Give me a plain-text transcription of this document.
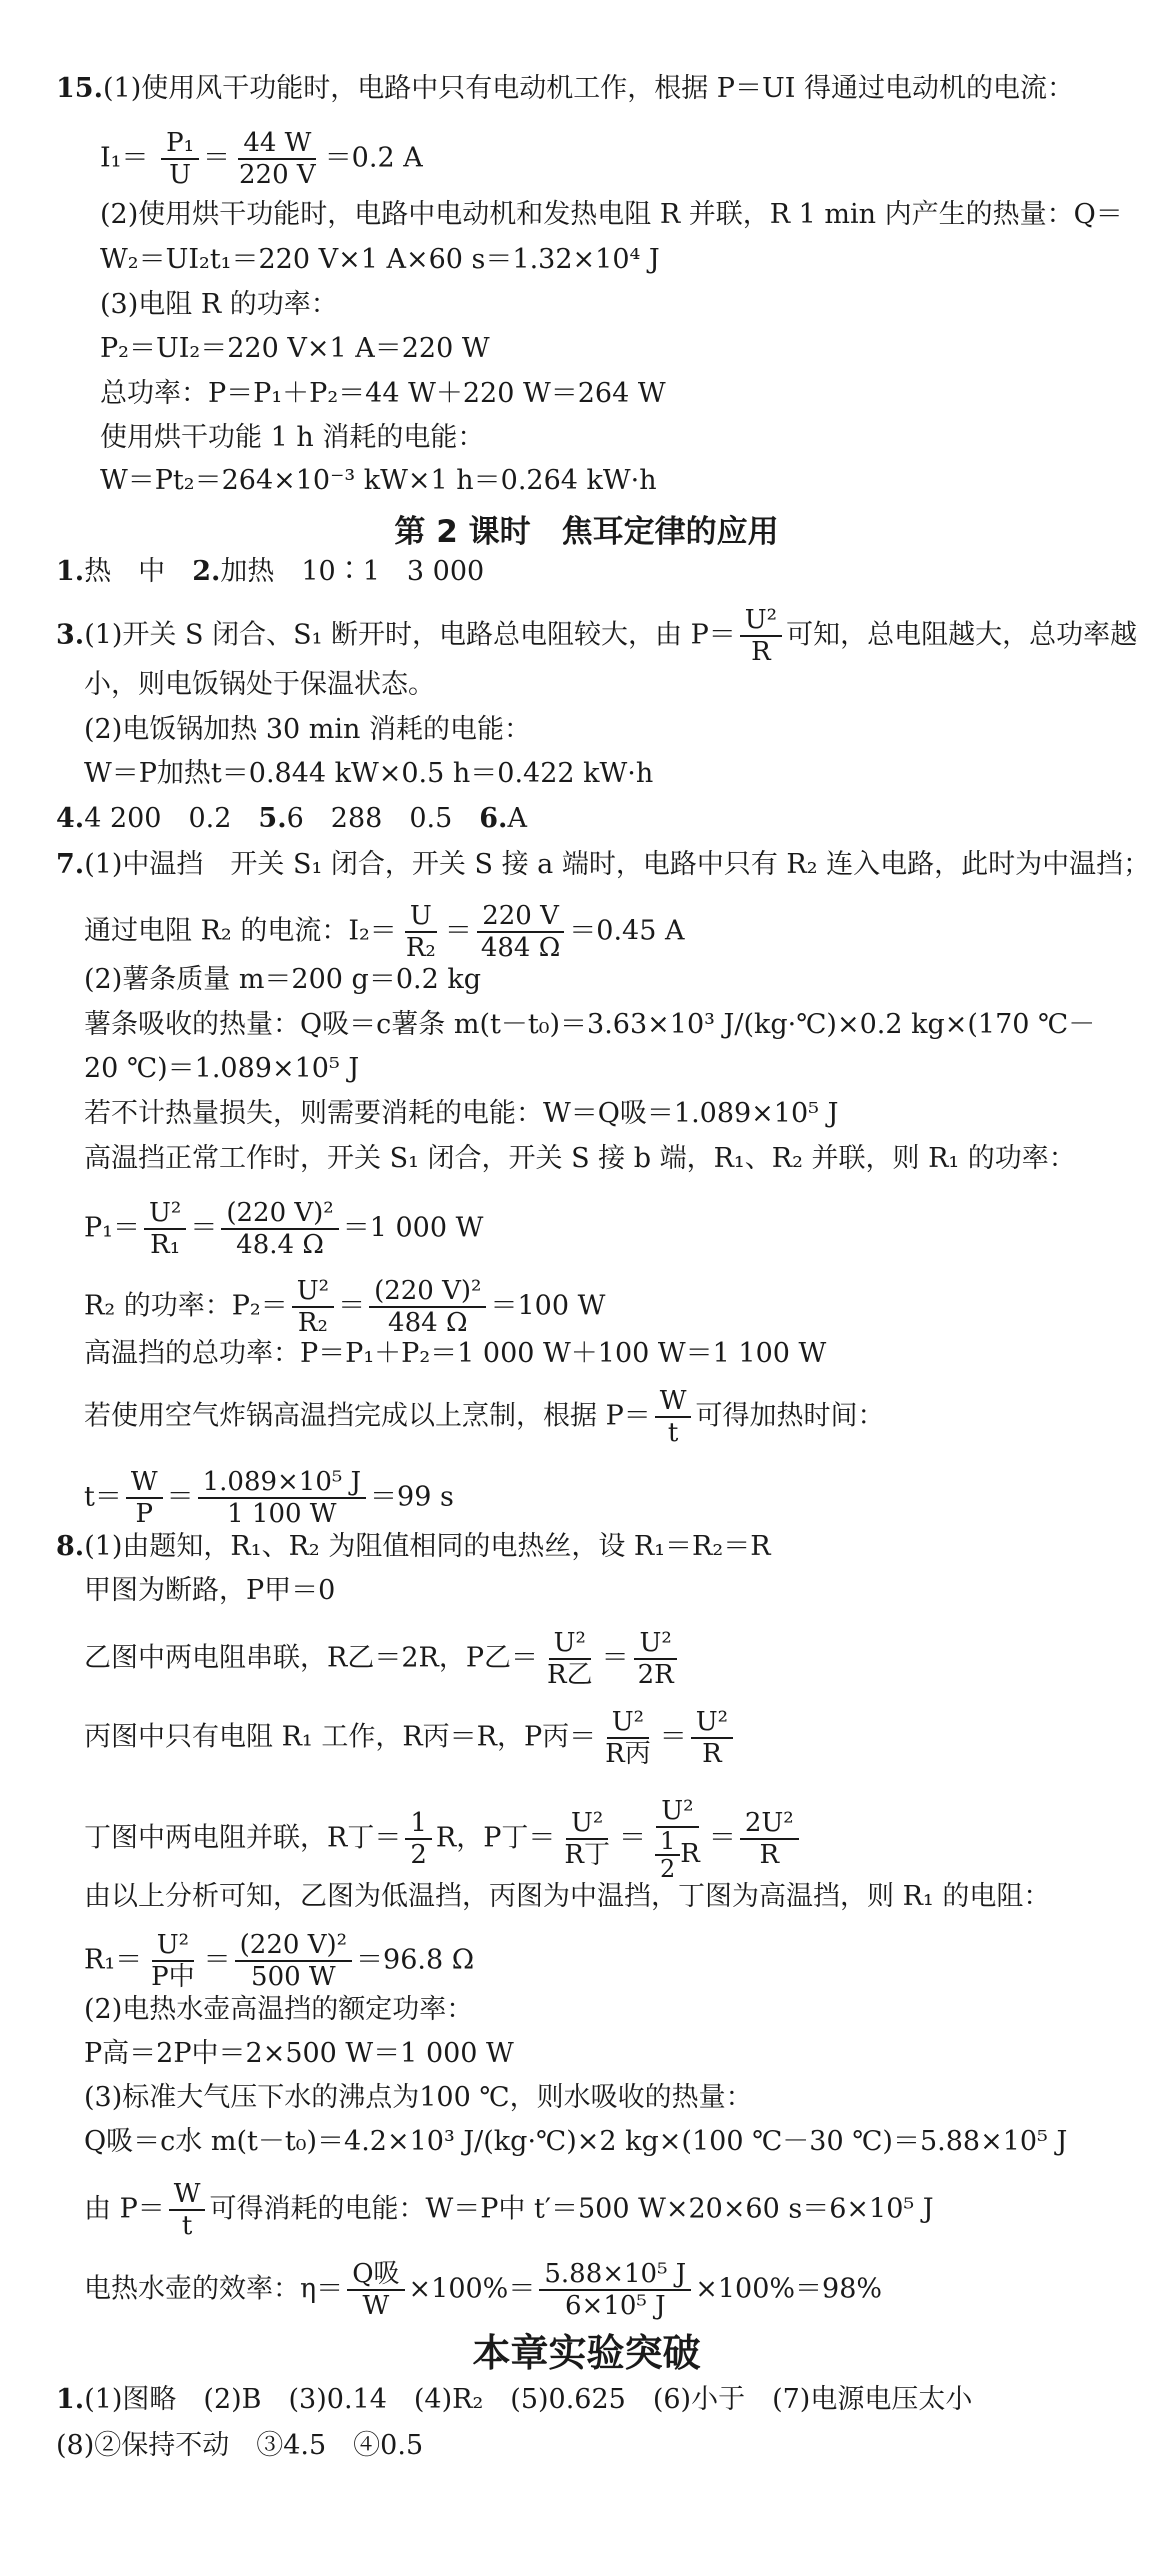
15.(1)使用风干功能时，电路中只有电动机工作，根据 P＝UI 得通过电动机的电流：
$I_1= \frac{\text{P₁}}{U} = \frac{44 W}{220 V} =0.2$ A
(2)使用烘干功能时，电路中电动机和发热电阻 R 并联，R 1 min 内产生的热量：Q＝
W₂＝UI₂t₁＝220 V×1 A×60 s＝1.32×10⁴ J
(3)电阻 R 的功率：
P₂＝UI₂＝220 V×1 A＝220 W
总功率：P＝P₁＋P₂＝44 W＋220 W＝264 W
使用烘干功能 1 h 消耗的电能：
W＝Pt₂＝264×10⁻³ kW×1 h＝0.264 kW·h
第 2 课时　焦耳定律的应用
1.热　中　2.加热　10∶1　3 000
3.(1)开关 S 闭合、S₁ 断开时，电路总电阻较大，由 $P= \frac{\text{U²}}{R}$ 可知，总电阻越大，总功率越
小，则电饭锅处于保温状态。
(2)电饭锅加热 30 min 消耗的电能：
W＝P加热t＝0.844 kW×0.5 h＝0.422 kW·h
4.4 200　0.2　5.6　288　0.5　6.A
7.(1)中温挡　开关 S₁ 闭合，开关 S 接 a 端时，电路中只有 R₂ 连入电路，此时为中温挡；
通过电阻 R₂ 的电流：$I_2= \frac{U}{\text{R₂}} = \frac{220 V}{484 \Omega} =0.45$ A
(2)薯条质量 m＝200 g＝0.2 kg
薯条吸收的热量：Q吸＝c薯条 m(t－t₀)＝3.63×10³ J/(kg·℃)×0.2 kg×(170 ℃－
20 ℃)＝1.089×10⁵ J
若不计热量损失，则需要消耗的电能：W＝Q吸＝1.089×10⁵ J
高温挡正常工作时，开关 S₁ 闭合，开关 S 接 b 端，R₁、R₂ 并联，则 R₁ 的功率：
$P_1= \frac{\text{U²}}{\text{R₁}} = \frac{\text{(220 V)²}}{48.4 \Omega} =1$ 000 W
R₂ 的功率：$P_2= \frac{\text{U²}}{\text{R₂}} = \frac{\text{(220 V)²}}{484 \Omega} =100$ W
高温挡的总功率：P＝P₁＋P₂＝1 000 W＋100 W＝1 100 W
若使用空气炸锅高温挡完成以上烹制，根据 $P= \frac{W}{t}$ 可得加热时间：
$t= \frac{W}{P} = \frac{\text{1.089×10⁵ J}}{1 100 W} =99$ s
8.(1)由题知，R₁、R₂ 为阻值相同的电热丝，设 R₁＝R₂＝R
甲图为断路，P甲＝0
乙图中两电阻串联，R乙＝2R，P乙＝ $\frac{\text{U²}}{\text{R乙}} = \frac{\text{U²}}{2R}$
丙图中只有电阻 R₁ 工作，R丙＝R，P丙＝ $\frac{\text{U²}}{\text{R丙}} = \frac{\text{U²}}{R}$
丁图中两电阻并联，R丁＝ $\frac{1}{2}$ R，P丁＝ $\frac{\text{U²}}{\text{R丁}} = \frac{\text{U²}}{\frac{1}{2} R} = \frac{\text{2U²}}{R}$
由以上分析可知，乙图为低温挡，丙图为中温挡，丁图为高温挡，则 R₁ 的电阻：
$R_1= \frac{\text{U²}}{\text{P中}} = \frac{\text{(220 V)²}}{500 W} =96.8$ Ω
(2)电热水壶高温挡的额定功率：
P高＝2P中＝2×500 W＝1 000 W
(3)标准大气压下水的沸点为100 ℃，则水吸收的热量：
Q吸＝c水 m(t－t₀)＝4.2×10³ J/(kg·℃)×2 kg×(100 ℃－30 ℃)＝5.88×10⁵ J
由 $P= \frac{W}{t}$ 可得消耗的电能：W＝P中 t′＝500 W×20×60 s＝6×10⁵ J
电热水壶的效率：$\eta= \frac{\text{Q吸}}{W} \times 100\%= \frac{\text{5.88×10⁵ J}}{\text{6×10⁵ J}} \times 100\%=98\%$
本章实验突破
1.(1)图略　(2)B　(3)0.14　(4)R₂　(5)0.625　(6)小于　(7)电源电压太小
(8)②保持不动　③4.5　④0.5
